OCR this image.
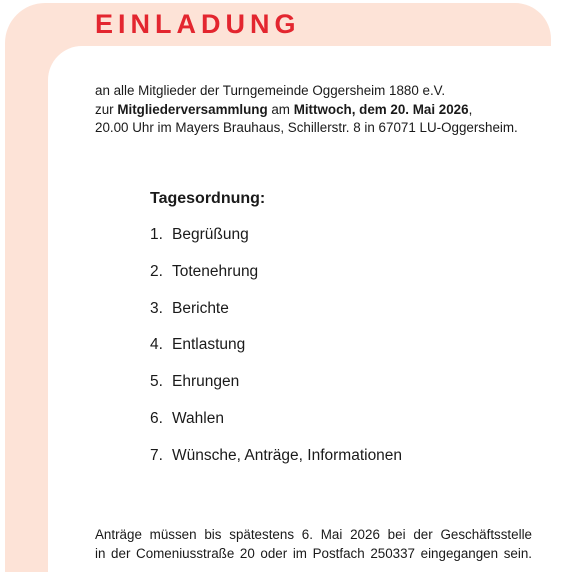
EINLADUNG
an alle Mitglieder der Turngemeinde Oggersheim 1880 e.V.
zur Mitgliederversammlung am Mittwoch, dem 20. Mai 2026,
20.00 Uhr im Mayers Brauhaus, Schillerstr. 8 in 67071 LU-Oggersheim.
Tagesordnung:
1. Begrüßung
2. Totenehrung
3. Berichte
4. Entlastung
5. Ehrungen
6. Wahlen
7. Wünsche, Anträge, Informationen
Anträge müssen bis spätestens 6. Mai 2026 bei der Geschäftsstelle
in der Comeniusstraße 20 oder im Postfach 250337 eingegangen sein.
